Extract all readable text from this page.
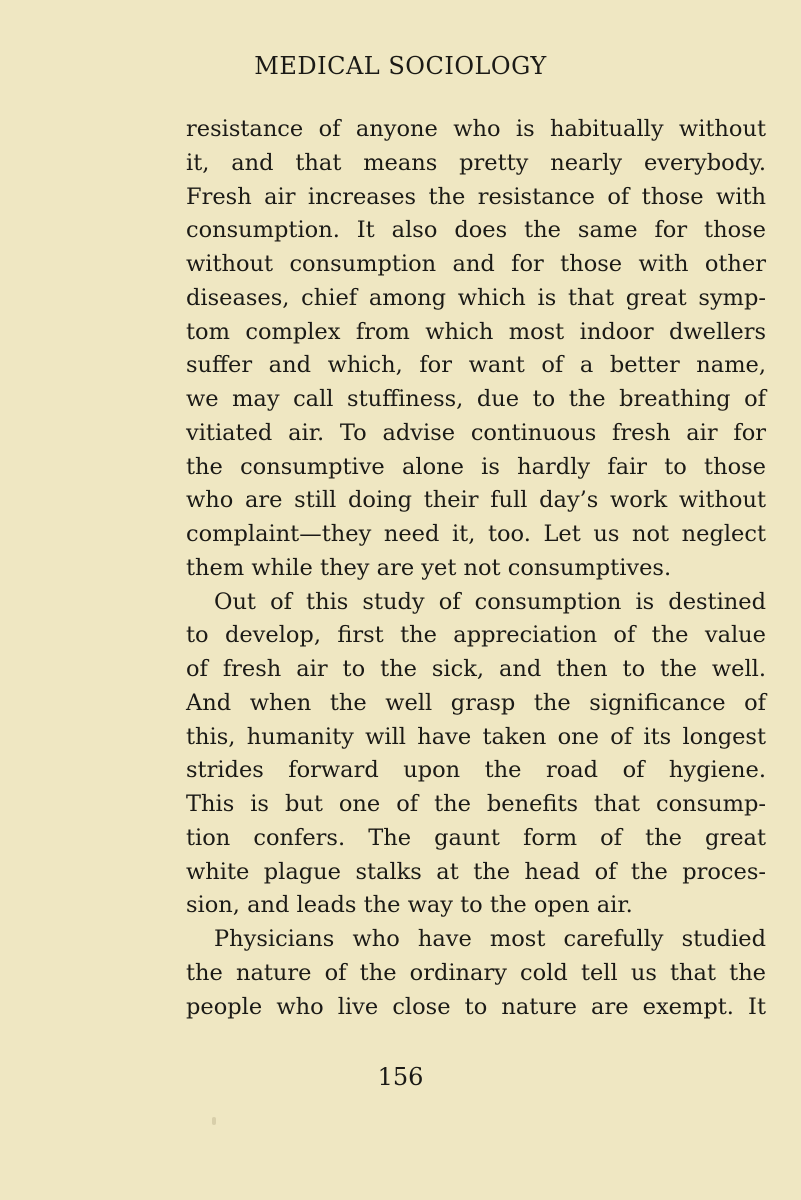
MEDICAL SOCIOLOGY
resistance of anyone who is habitually without
it, and that means pretty nearly everybody.
Fresh air increases the resistance of those with
consumption. It also does the same for those
without consumption and for those with other
diseases, chief among which is that great symp-
tom complex from which most indoor dwellers
suffer and which, for want of a better name,
we may call stuffiness, due to the breathing of
vitiated air. To advise continuous fresh air for
the consumptive alone is hardly fair to those
who are still doing their full day’s work without
complaint—they need it, too. Let us not neglect
them while they are yet not consumptives.
Out of this study of consumption is destined
to develop, first the appreciation of the value
of fresh air to the sick, and then to the well.
And when the well grasp the significance of
this, humanity will have taken one of its longest
strides forward upon the road of hygiene.
This is but one of the benefits that consump-
tion confers. The gaunt form of the great
white plague stalks at the head of the proces-
sion, and leads the way to the open air.
Physicians who have most carefully studied
the nature of the ordinary cold tell us that the
people who live close to nature are exempt. It
156
